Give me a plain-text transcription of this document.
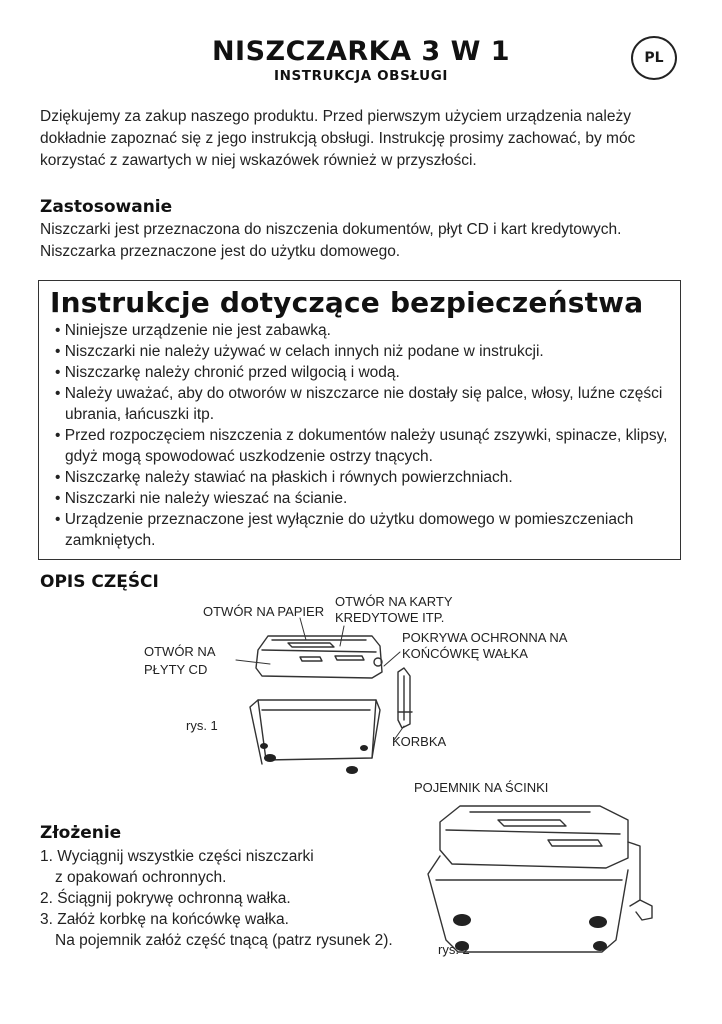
NISZCZARKA 3 W 1
INSTRUKCJA OBSŁUGI
PL
Dziękujemy za zakup naszego produktu. Przed pierwszym użyciem urządzenia należy dokładnie zapoznać się z jego instrukcją obsługi. Instrukcję prosimy zachować, by móc korzystać z zawartych w niej wskazówek również w przyszłości.
Zastosowanie
Niszczarki jest przeznaczona do niszczenia dokumentów, płyt CD i kart kredytowych. Niszczarka przeznaczone jest do użytku domowego.
Instrukcje dotyczące bezpieczeństwa
• Niniejsze urządzenie nie jest zabawką.
• Niszczarki nie należy używać w celach innych niż podane w instrukcji.
• Niszczarkę należy chronić przed wilgocią i wodą.
• Należy uważać, aby do otworów w niszczarce nie dostały się palce, włosy, luźne części ubrania, łańcuszki itp.
• Przed rozpoczęciem niszczenia z dokumentów należy usunąć zszywki, spinacze, klipsy, gdyż mogą spowodować uszkodzenie ostrzy tnących.
• Niszczarkę należy stawiać na płaskich i równych powierzchniach.
• Niszczarki nie należy wieszać na ścianie.
• Urządzenie przeznaczone jest wyłącznie do użytku domowego w pomieszczeniach zamkniętych.
OPIS CZĘŚCI
OTWÓR NA PAPIER
OTWÓR NA KARTY
KREDYTOWE ITP.
OTWÓR NA
PŁYTY CD
POKRYWA OCHRONNA NA
KOŃCÓWKĘ WAŁKA
rys. 1
KORBKA
POJEMNIK NA ŚCINKI
rys. 2
Złożenie
1. Wyciągnij wszystkie części niszczarki
z opakowań ochronnych.
2. Ściągnij pokrywę ochronną wałka.
3. Załóż korbkę na końcówkę wałka.
Na pojemnik załóż część tnącą (patrz rysunek 2).
